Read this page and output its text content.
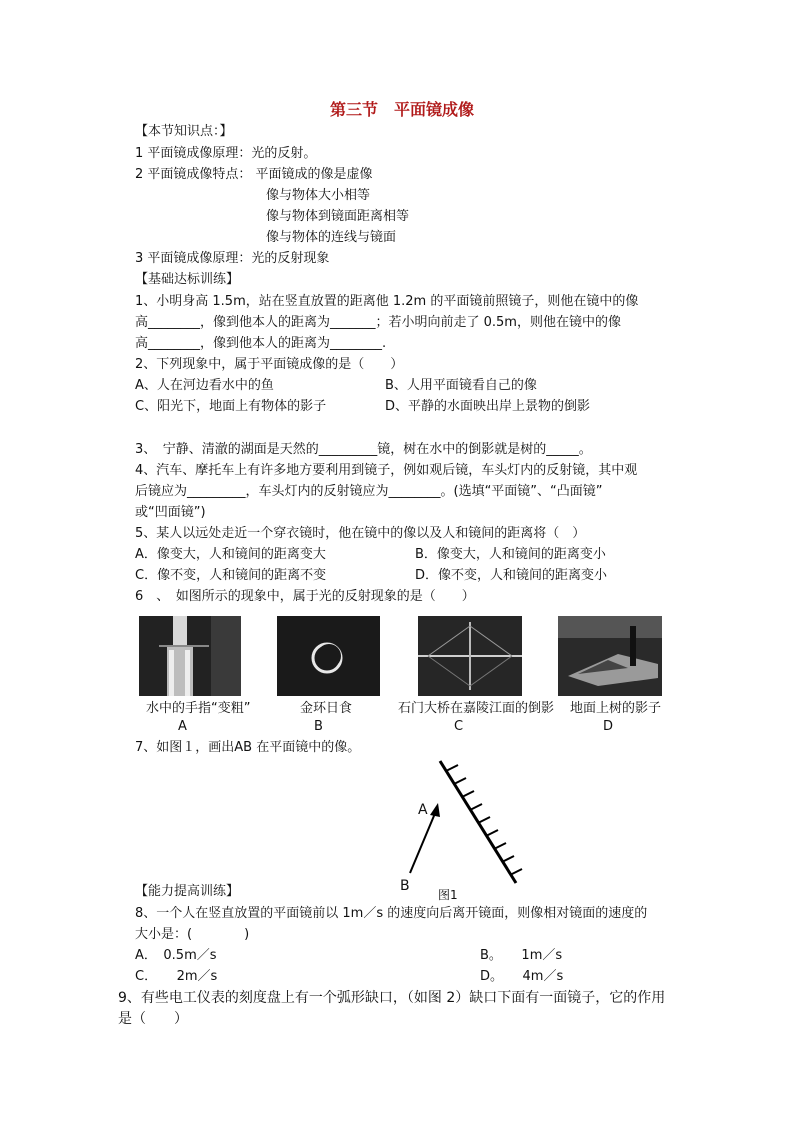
第三节　平面镜成像
【本节知识点：】
1 平面镜成像原理：光的反射。
2 平面镜成像特点： 平面镜成的像是虚像
像与物体大小相等
像与物体到镜面距离相等
像与物体的连线与镜面
3 平面镜成像原理：光的反射现象
【基础达标训练】
1、小明身高 1.5m，站在竖直放置的距离他 1.2m 的平面镜前照镜子，则他在镜中的像
高________，像到他本人的距离为_______；若小明向前走了 0.5m，则他在镜中的像
高________，像到他本人的距离为________.
2、下列现象中，属于平面镜成像的是（　　）
A、人在河边看水中的鱼	B、人用平面镜看自己的像
C、阳光下，地面上有物体的影子	D、平静的水面映出岸上景物的倒影
3、　宁静、清澈的湖面是天然的_________镜，树在水中的倒影就是树的_____。
4、汽车、摩托车上有许多地方要利用到镜子，例如观后镜，车头灯内的反射镜，其中观
后镜应为_________，车头灯内的反射镜应为________。(选填“平面镜”、“凸面镜”
或“凹面镜”)
5、某人以远处走近一个穿衣镜时，他在镜中的像以及人和镜间的距离将（　）
A．像变大，人和镜间的距离变大	B．像变大，人和镜间的距离变小
C．像不变，人和镜间的距离不变	D．像不变，人和镜间的距离变小
6　、　如图所示的现象中，属于光的反射现象的是（　　）
水中的手指“变粗”	金环日食	石门大桥在嘉陵江面的倒影 地面上树的影子
A	B	C	D
7、如图１，画出AB 在平面镜中的像。
A
B
图1
【能力提高训练】
8、一个人在竖直放置的平面镜前以 1m／s 的速度向后离开镜面，则像相对镜面的速度的
大小是：(　　　　)
A．　0.5m／s	B。　　1m／s
C．　　2m／s	D。　　4m／s
9、有些电工仪表的刻度盘上有一个弧形缺口，（如图 2）缺口下面有一面镜子，它的作用
是（　　）
